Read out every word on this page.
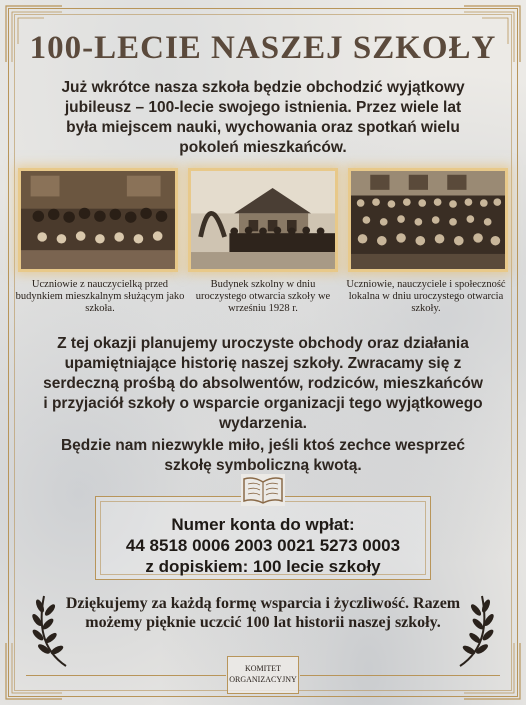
100-LECIE NASZEJ SZKOŁY

Już wkrótce nasza szkoła będzie obchodzić wyjątkowy jubileusz – 100-lecie swojego istnienia. Przez wiele lat była miejscem nauki, wychowania oraz spotkań wielu pokoleń mieszkańców.

Uczniowie z nauczycielką przed budynkiem mieszkalnym służącym jako szkoła.

Budynek szkolny w dniu uroczystego otwarcia szkoły we wrześniu 1928 r.

Uczniowie, nauczyciele i społeczność lokalna w dniu uroczystego otwarcia szkoły.

Z tej okazji planujemy uroczyste obchody oraz działania upamiętniające historię naszej szkoły. Zwracamy się z serdeczną prośbą do absolwentów, rodziców, mieszkańców i przyjaciół szkoły o wsparcie organizacji tego wyjątkowego wydarzenia.

Będzie nam niezwykle miło, jeśli ktoś zechce wesprzeć szkołę symboliczną kwotą.

Numer konta do wpłat:
44 8518 0006 2003 0021 5273 0003
z dopiskiem: 100 lecie szkoły

Dziękujemy za każdą formę wsparcia i życzliwość. Razem możemy pięknie uczcić 100 lat historii naszej szkoły.

KOMITET ORGANIZACYJNY
